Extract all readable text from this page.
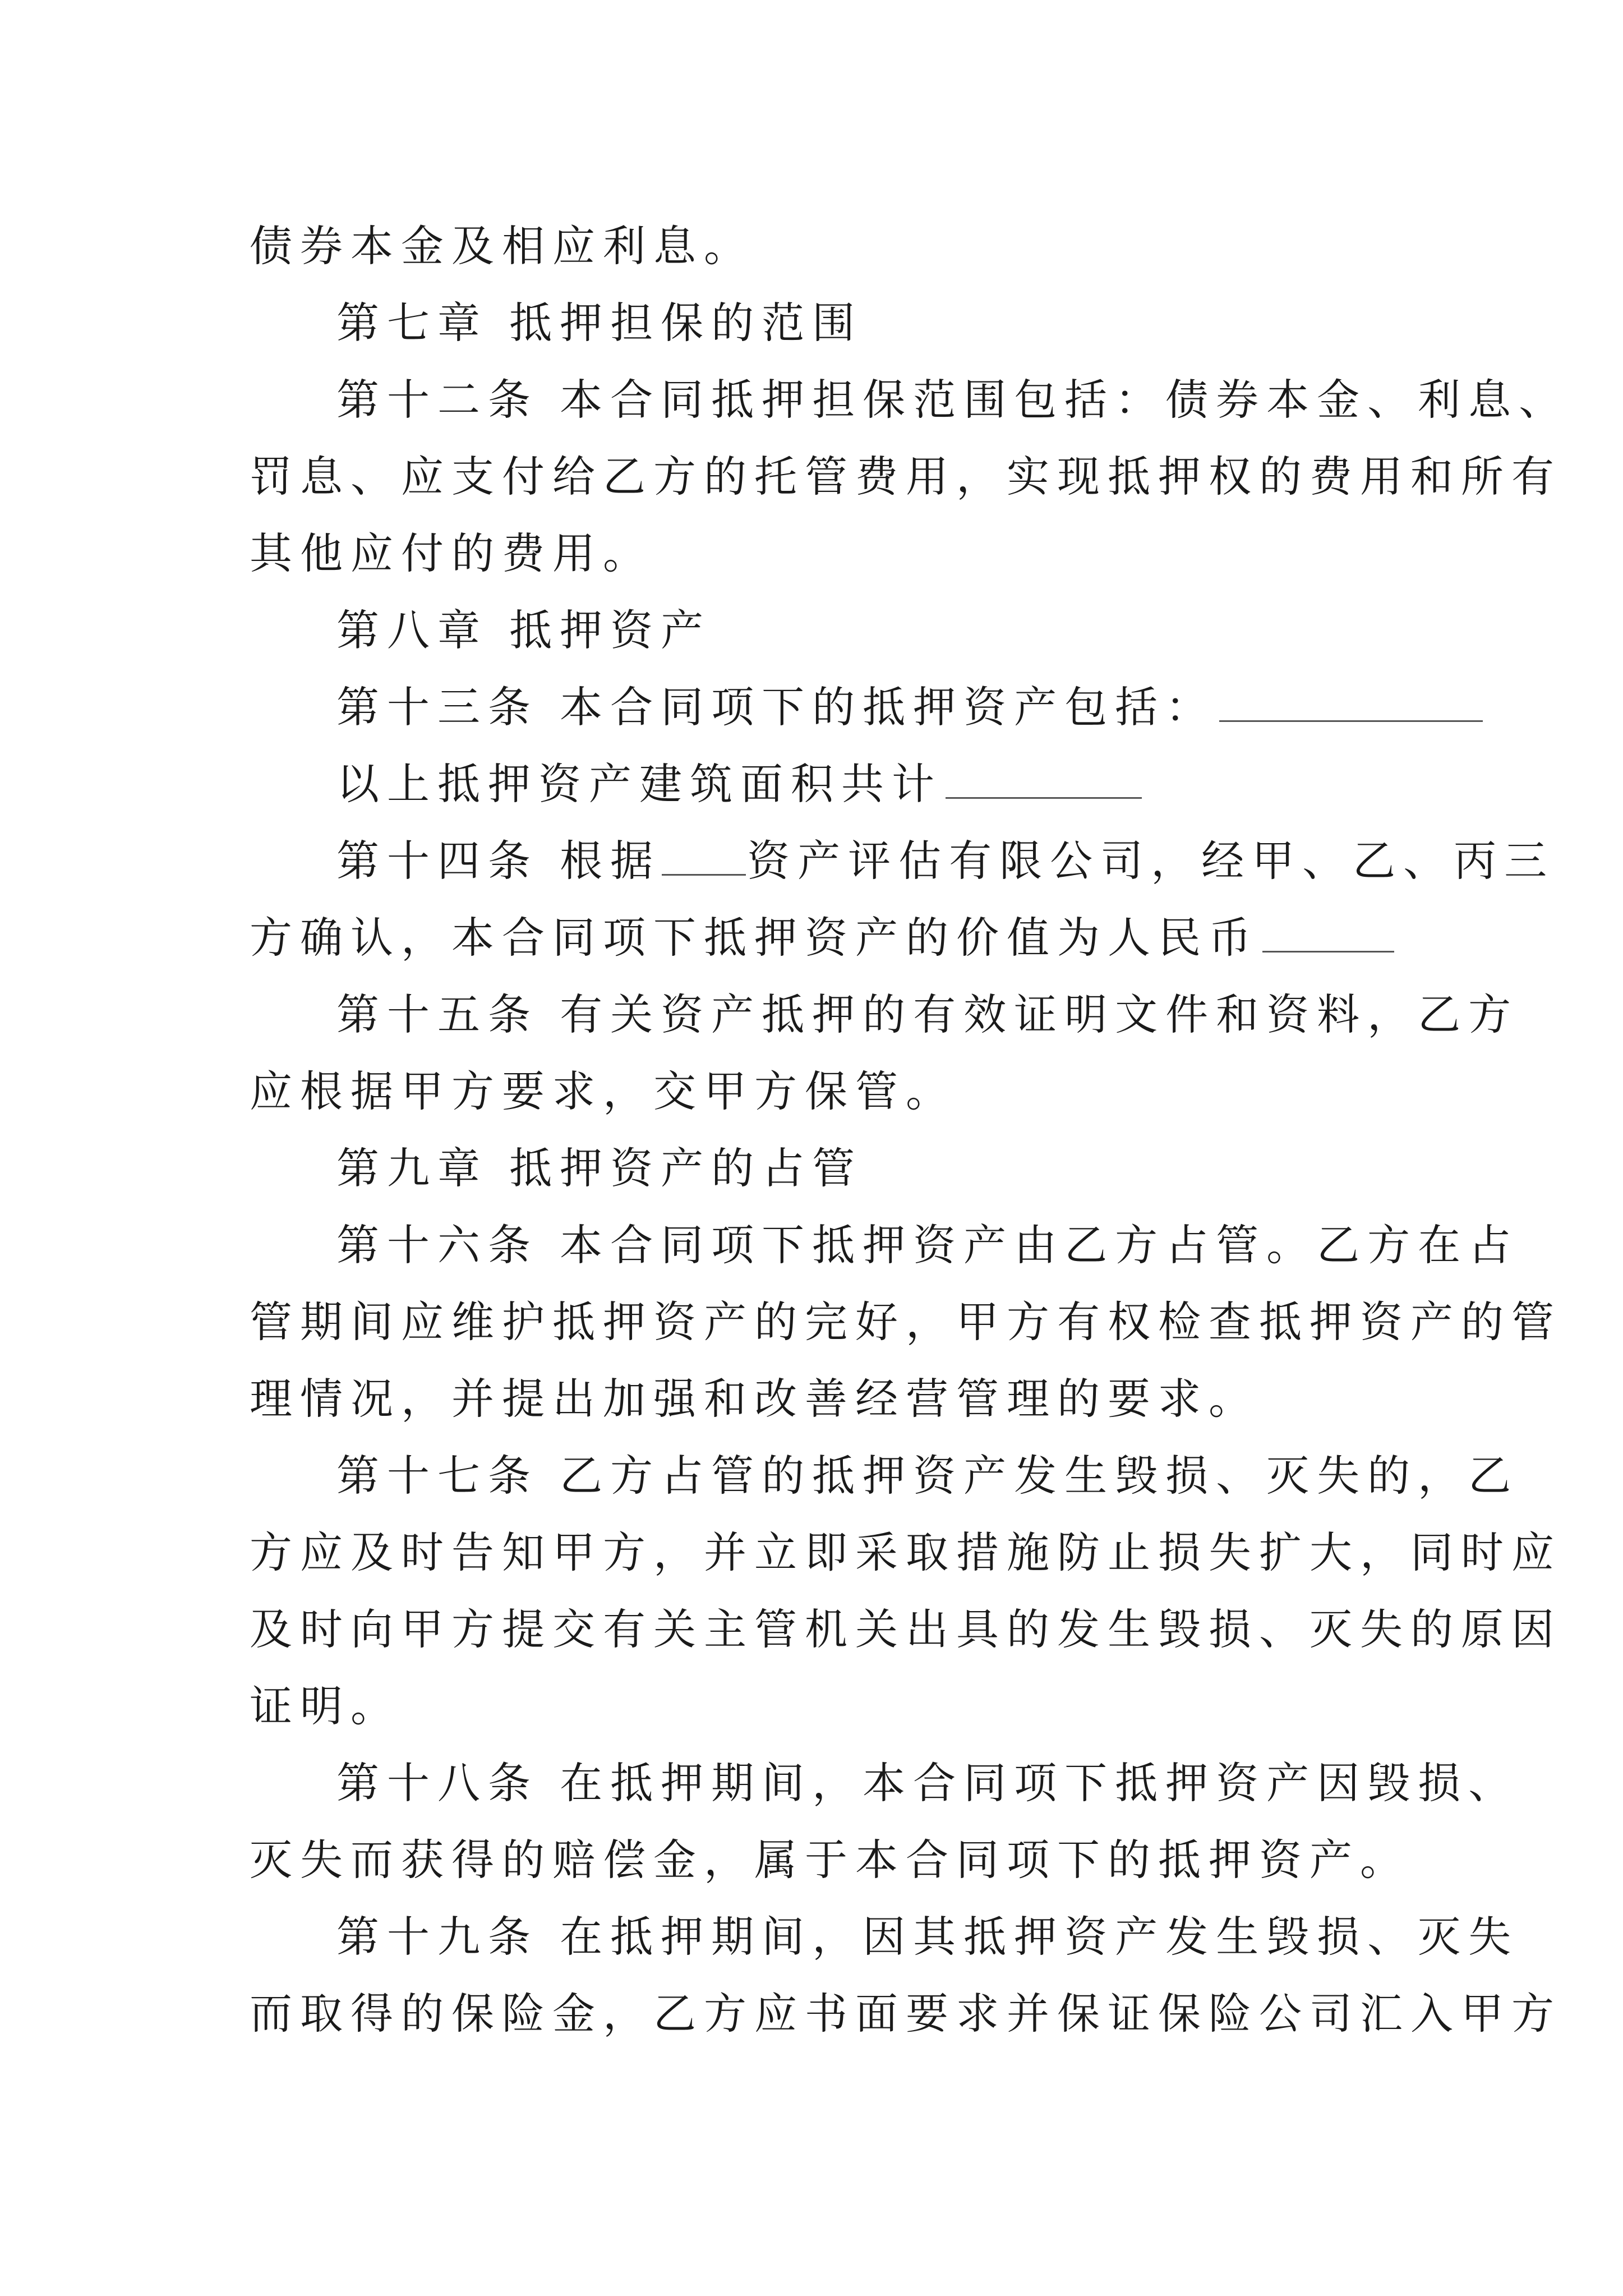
债券本金及相应利息。
第七章 抵押担保的范围
第十二条 本合同抵押担保范围包括：债券本金、利息、
罚息、应支付给乙方的托管费用，实现抵押权的费用和所有
其他应付的费用。
第八章 抵押资产
第十三条 本合同项下的抵押资产包括：
以上抵押资产建筑面积共计
第十四条 根据 资产评估有限公司，经甲、乙、丙三
方确认，本合同项下抵押资产的价值为人民币
第十五条 有关资产抵押的有效证明文件和资料，乙方
应根据甲方要求，交甲方保管。
第九章 抵押资产的占管
第十六条 本合同项下抵押资产由乙方占管。乙方在占
管期间应维护抵押资产的完好，甲方有权检查抵押资产的管
理情况，并提出加强和改善经营管理的要求。
第十七条 乙方占管的抵押资产发生毁损、灭失的，乙
方应及时告知甲方，并立即采取措施防止损失扩大，同时应
及时向甲方提交有关主管机关出具的发生毁损、灭失的原因
证明。
第十八条 在抵押期间，本合同项下抵押资产因毁损、
灭失而获得的赔偿金，属于本合同项下的抵押资产。
第十九条 在抵押期间，因其抵押资产发生毁损、灭失
而取得的保险金，乙方应书面要求并保证保险公司汇入甲方
